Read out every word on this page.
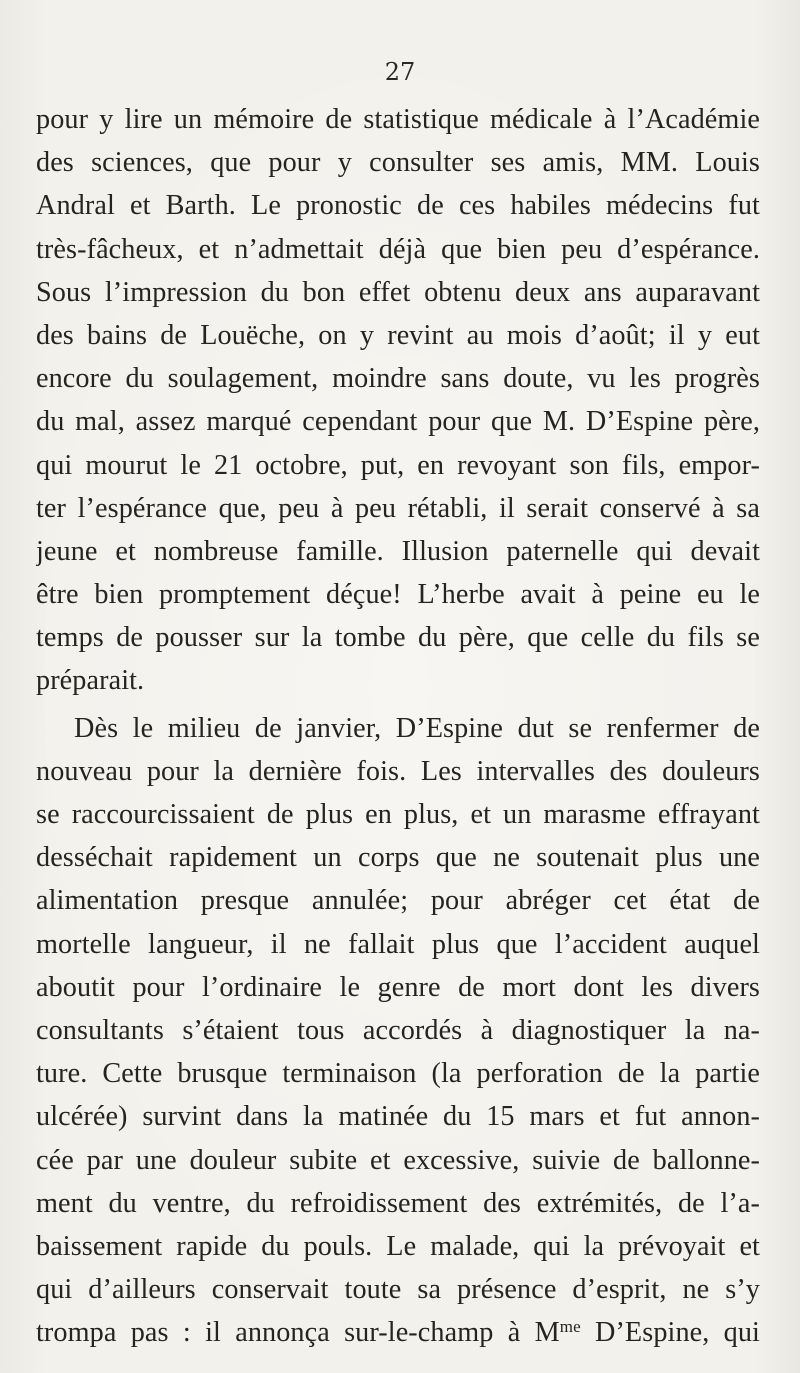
27
pour y lire un mémoire de statistique médicale à l’Académie
des sciences, que pour y consulter ses amis, MM. Louis
Andral et Barth. Le pronostic de ces habiles médecins fut
très-fâcheux, et n’admettait déjà que bien peu d’espérance.
Sous l’impression du bon effet obtenu deux ans auparavant
des bains de Louëche, on y revint au mois d’août; il y eut
encore du soulagement, moindre sans doute, vu les progrès
du mal, assez marqué cependant pour que M. D’Espine père,
qui mourut le 21 octobre, put, en revoyant son fils, empor-
ter l’espérance que, peu à peu rétabli, il serait conservé à sa
jeune et nombreuse famille. Illusion paternelle qui devait
être bien promptement déçue! L’herbe avait à peine eu le
temps de pousser sur la tombe du père, que celle du fils se
préparait.
Dès le milieu de janvier, D’Espine dut se renfermer de
nouveau pour la dernière fois. Les intervalles des douleurs
se raccourcissaient de plus en plus, et un marasme effrayant
desséchait rapidement un corps que ne soutenait plus une
alimentation presque annulée; pour abréger cet état de
mortelle langueur, il ne fallait plus que l’accident auquel
aboutit pour l’ordinaire le genre de mort dont les divers
consultants s’étaient tous accordés à diagnostiquer la na-
ture. Cette brusque terminaison (la perforation de la partie
ulcérée) survint dans la matinée du 15 mars et fut annon-
cée par une douleur subite et excessive, suivie de ballonne-
ment du ventre, du refroidissement des extrémités, de l’a-
baissement rapide du pouls. Le malade, qui la prévoyait et
qui d’ailleurs conservait toute sa présence d’esprit, ne s’y
trompa pas : il annonça sur-le-champ à $M^{me}$ D’Espine, qui
